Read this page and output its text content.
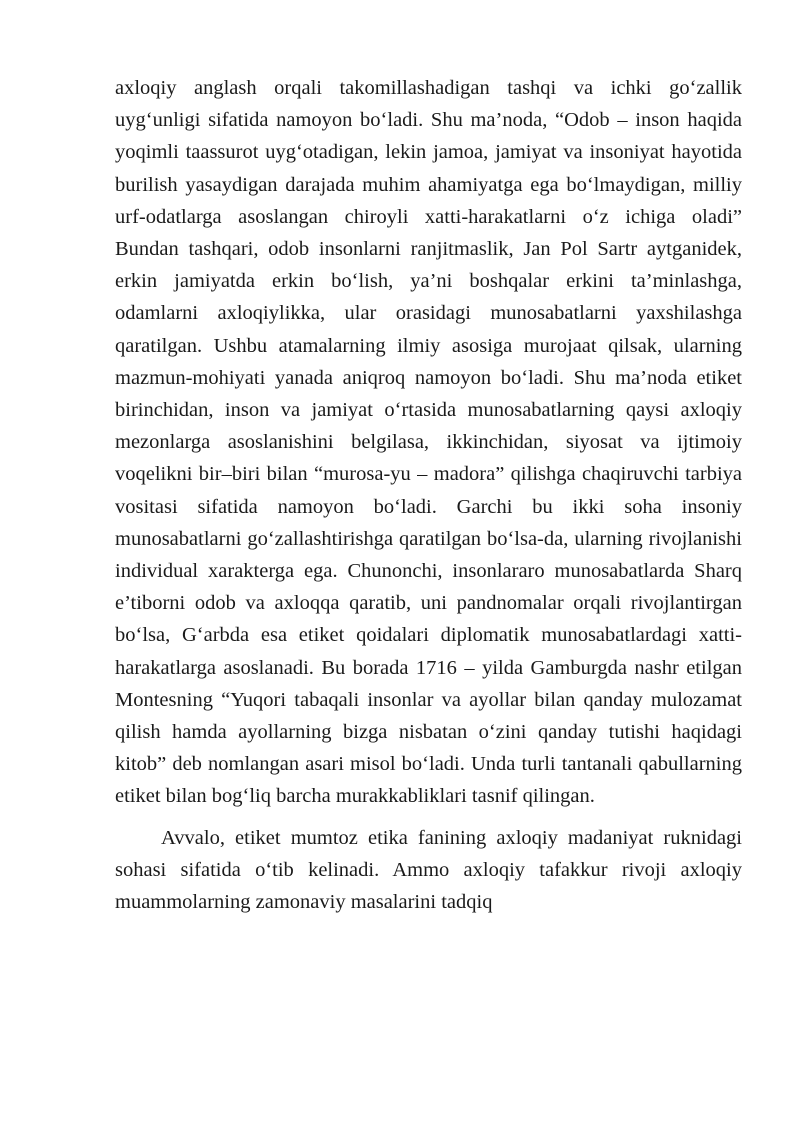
axloqiy anglash orqali takomillashadigan tashqi va ichki go‘zallik uyg‘unligi sifatida namoyon bo‘ladi. Shu ma’noda, “Odob – inson haqida yoqimli taassurot uyg‘otadigan, lekin jamoa, jamiyat va insoniyat hayotida burilish yasaydigan darajada muhim ahamiyatga ega bo‘lmaydigan, milliy urf-odatlarga asoslangan chiroyli xatti-harakatlarni o‘z ichiga oladi” Bundan tashqari, odob insonlarni ranjitmaslik, Jan Pol Sartr aytganidek, erkin jamiyatda erkin bo‘lish, ya’ni boshqalar erkini ta’minlashga, odamlarni axloqiylikka, ular orasidagi munosabatlarni yaxshilashga qaratilgan. Ushbu atamalarning ilmiy asosiga murojaat qilsak, ularning mazmun-mohiyati yanada aniqroq namoyon bo‘ladi. Shu ma’noda etiket birinchidan, inson va jamiyat o‘rtasida munosabatlarning qaysi axloqiy mezonlarga asoslanishini belgilasa, ikkinchidan, siyosat va ijtimoiy voqelikni bir–biri bilan “murosa-yu – madora” qilishga chaqiruvchi tarbiya vositasi sifatida namoyon bo‘ladi. Garchi bu ikki soha insoniy munosabatlarni go‘zallashtirishga qaratilgan bo‘lsa-da, ularning rivojlanishi individual xarakterga ega. Chunonchi, insonlararo munosabatlarda Sharq e’tiborni odob va axloqqa qaratib, uni pandnomalar orqali rivojlantirgan bo‘lsa, G‘arbda esa etiket qoidalari diplomatik munosabatlardagi xatti-harakatlarga asoslanadi. Bu borada 1716 – yilda Gamburgda nashr etilgan Montesning “Yuqori tabaqali insonlar va ayollar bilan qanday mulozamat qilish hamda ayollarning bizga nisbatan o‘zini qanday tutishi haqidagi kitob” deb nomlangan asari misol bo‘ladi. Unda turli tantanali qabullarning etiket bilan bog‘liq barcha murakkabliklari tasnif qilingan.

Avvalo, etiket mumtoz etika fanining axloqiy madaniyat ruknidagi sohasi sifatida o‘tib kelinadi. Ammo axloqiy tafakkur rivoji axloqiy muammolarning zamonaviy masalarini tadqiq
